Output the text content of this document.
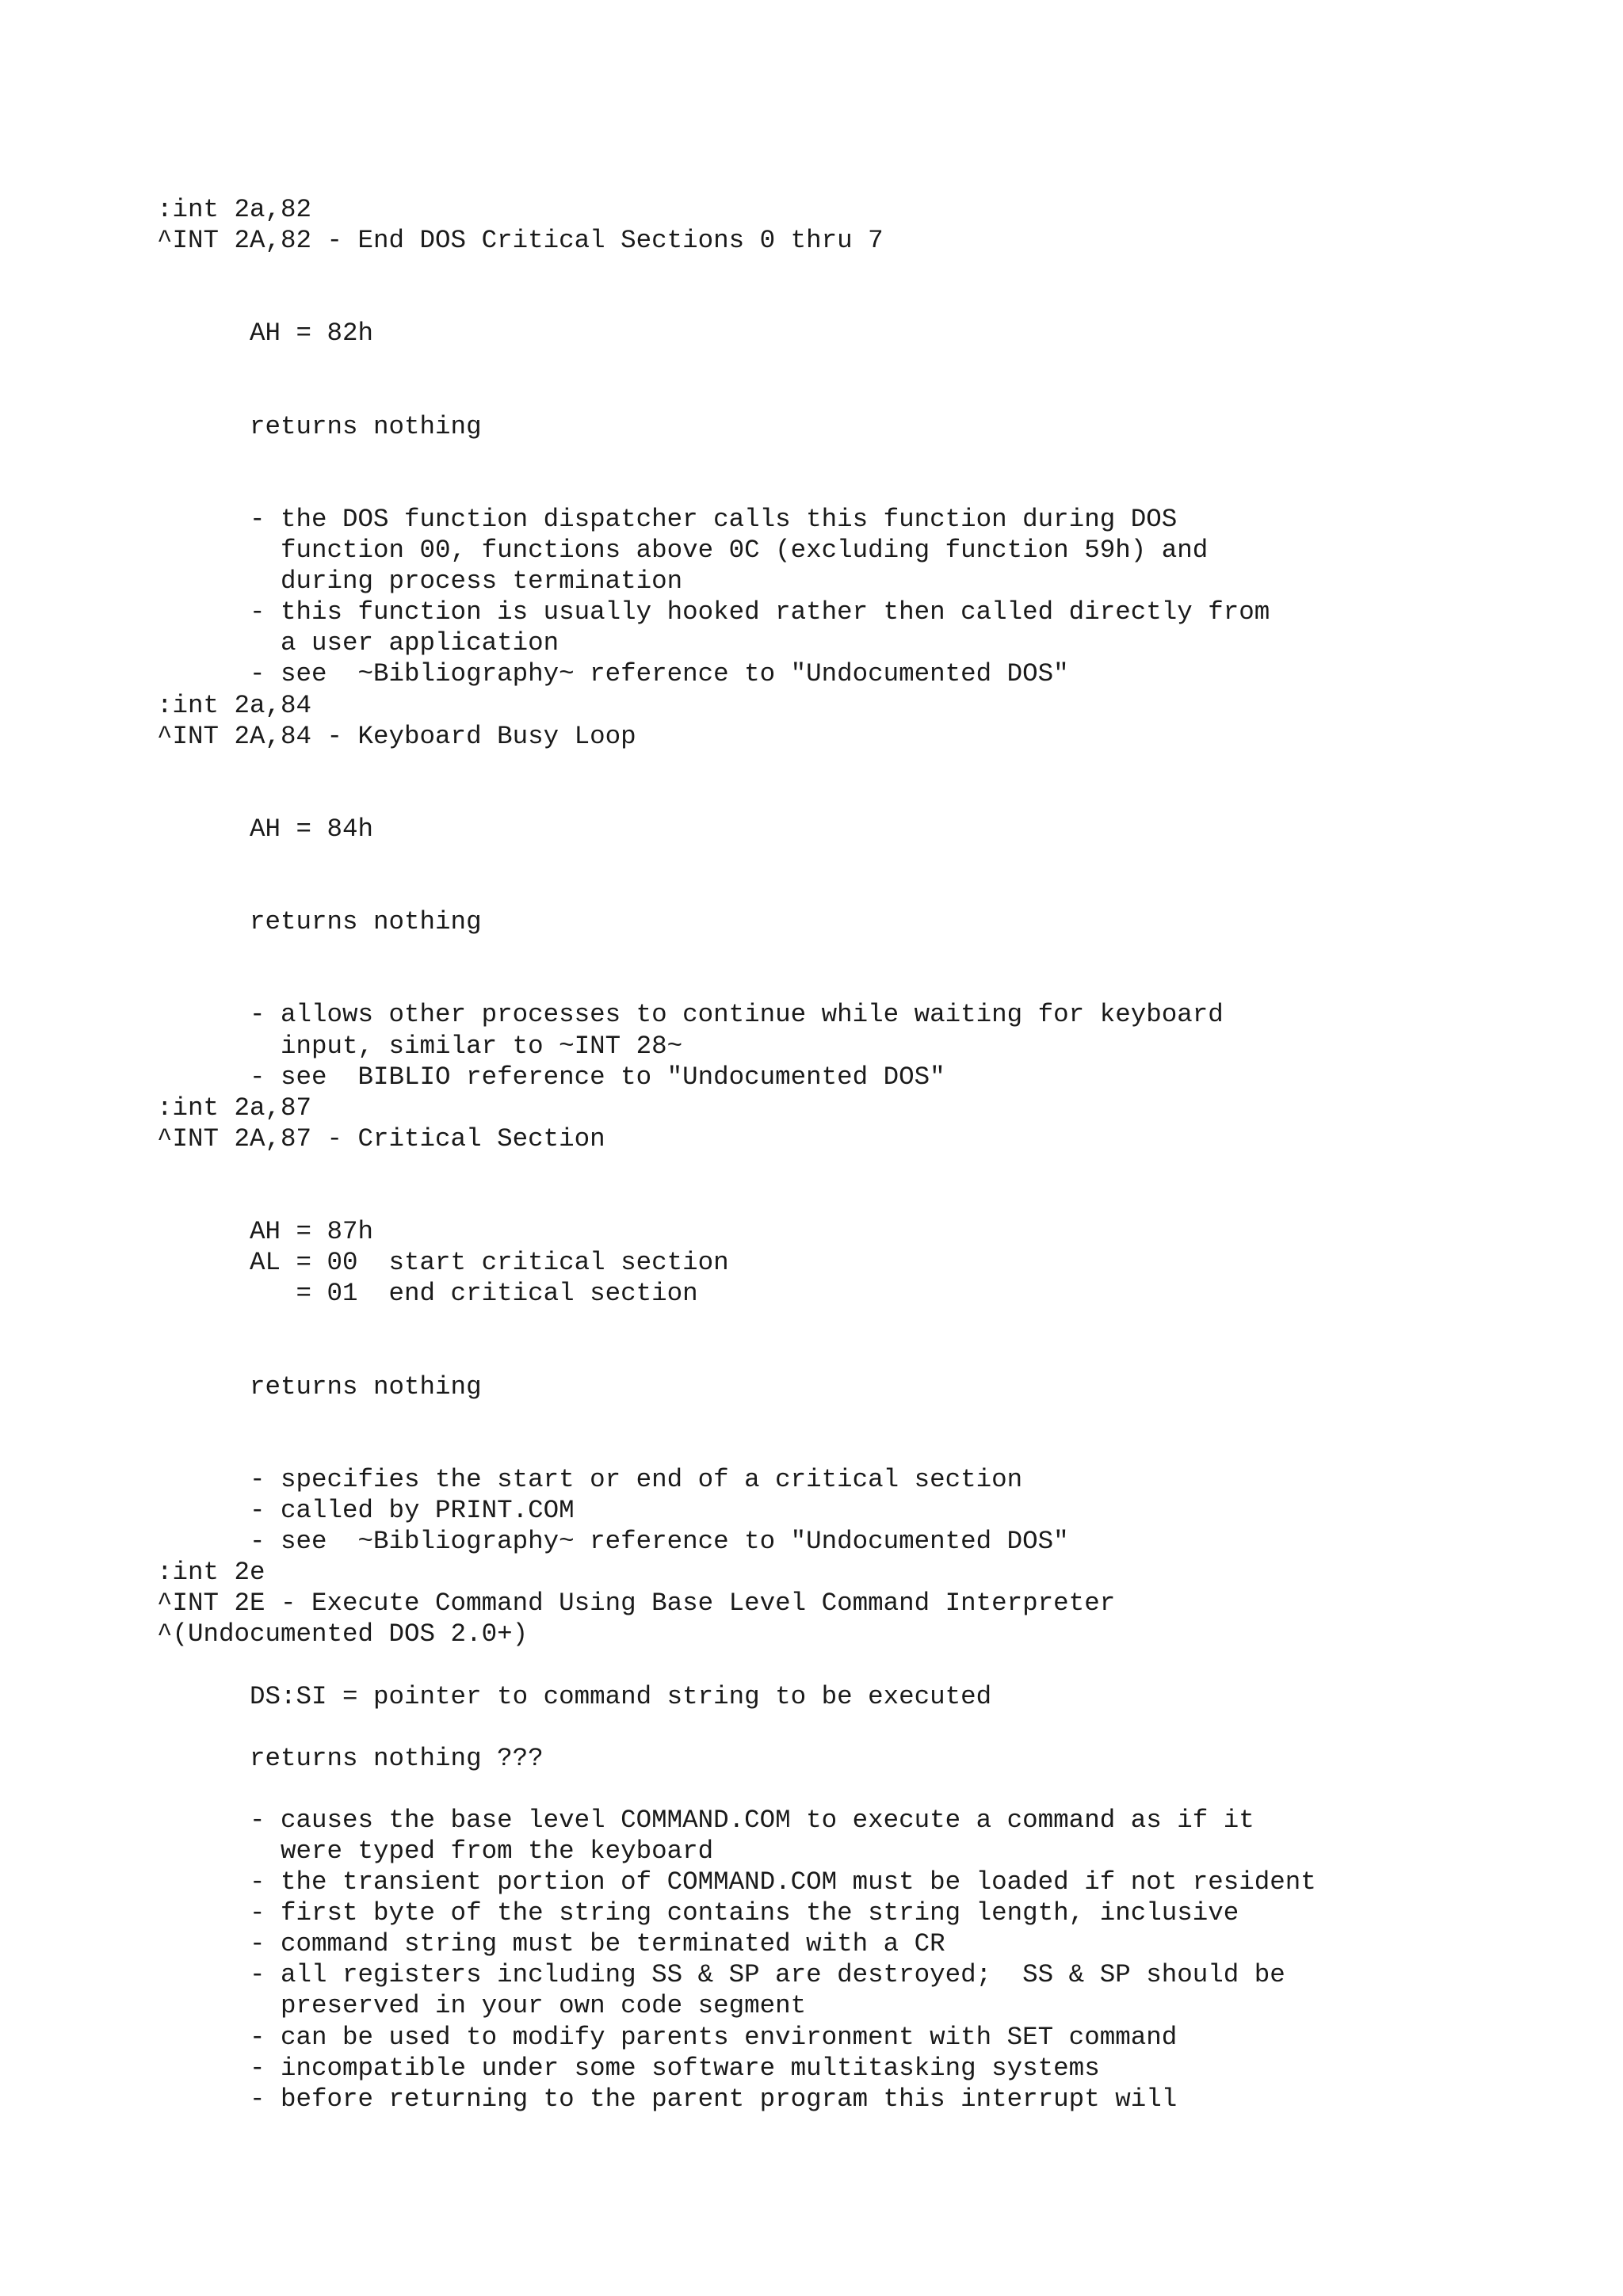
:int 2a,82
^INT 2A,82 - End DOS Critical Sections 0 thru 7
AH = 82h
returns nothing
- the DOS function dispatcher calls this function during DOS
function 00, functions above 0C (excluding function 59h) and
during process termination
- this function is usually hooked rather then called directly from
a user application
- see  ~Bibliography~ reference to "Undocumented DOS"
:int 2a,84
^INT 2A,84 - Keyboard Busy Loop
AH = 84h
returns nothing
- allows other processes to continue while waiting for keyboard
input, similar to ~INT 28~
- see  BIBLIO reference to "Undocumented DOS"
:int 2a,87
^INT 2A,87 - Critical Section
AH = 87h
AL = 00  start critical section
= 01  end critical section
returns nothing
- specifies the start or end of a critical section
- called by PRINT.COM
- see  ~Bibliography~ reference to "Undocumented DOS"
:int 2e
^INT 2E - Execute Command Using Base Level Command Interpreter
^(Undocumented DOS 2.0+)
DS:SI = pointer to command string to be executed
returns nothing ???
- causes the base level COMMAND.COM to execute a command as if it
were typed from the keyboard
- the transient portion of COMMAND.COM must be loaded if not resident
- first byte of the string contains the string length, inclusive
- command string must be terminated with a CR
- all registers including SS & SP are destroyed;  SS & SP should be
preserved in your own code segment
- can be used to modify parents environment with SET command
- incompatible under some software multitasking systems
- before returning to the parent program this interrupt will
